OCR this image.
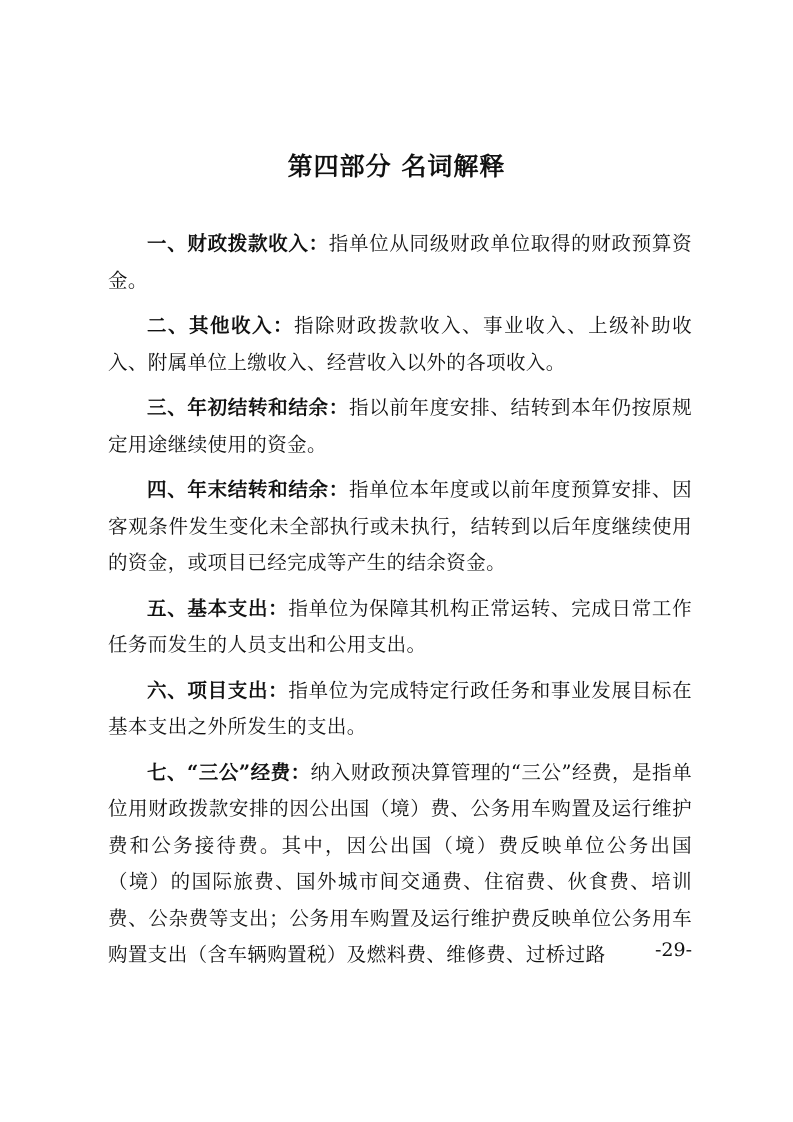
第四部分 名词解释

一、财政拨款收入：指单位从同级财政单位取得的财政预算资金。

二、其他收入：指除财政拨款收入、事业收入、上级补助收入、附属单位上缴收入、经营收入以外的各项收入。

三、年初结转和结余：指以前年度安排、结转到本年仍按原规定用途继续使用的资金。

四、年末结转和结余：指单位本年度或以前年度预算安排、因客观条件发生变化未全部执行或未执行，结转到以后年度继续使用的资金，或项目已经完成等产生的结余资金。

五、基本支出：指单位为保障其机构正常运转、完成日常工作任务而发生的人员支出和公用支出。

六、项目支出：指单位为完成特定行政任务和事业发展目标在基本支出之外所发生的支出。

七、“三公”经费：纳入财政预决算管理的“三公”经费，是指单位用财政拨款安排的因公出国（境）费、公务用车购置及运行维护费和公务接待费。其中，因公出国（境）费反映单位公务出国（境）的国际旅费、国外城市间交通费、住宿费、伙食费、培训费、公杂费等支出；公务用车购置及运行维护费反映单位公务用车购置支出（含车辆购置税）及燃料费、维修费、过桥过路	-29-
